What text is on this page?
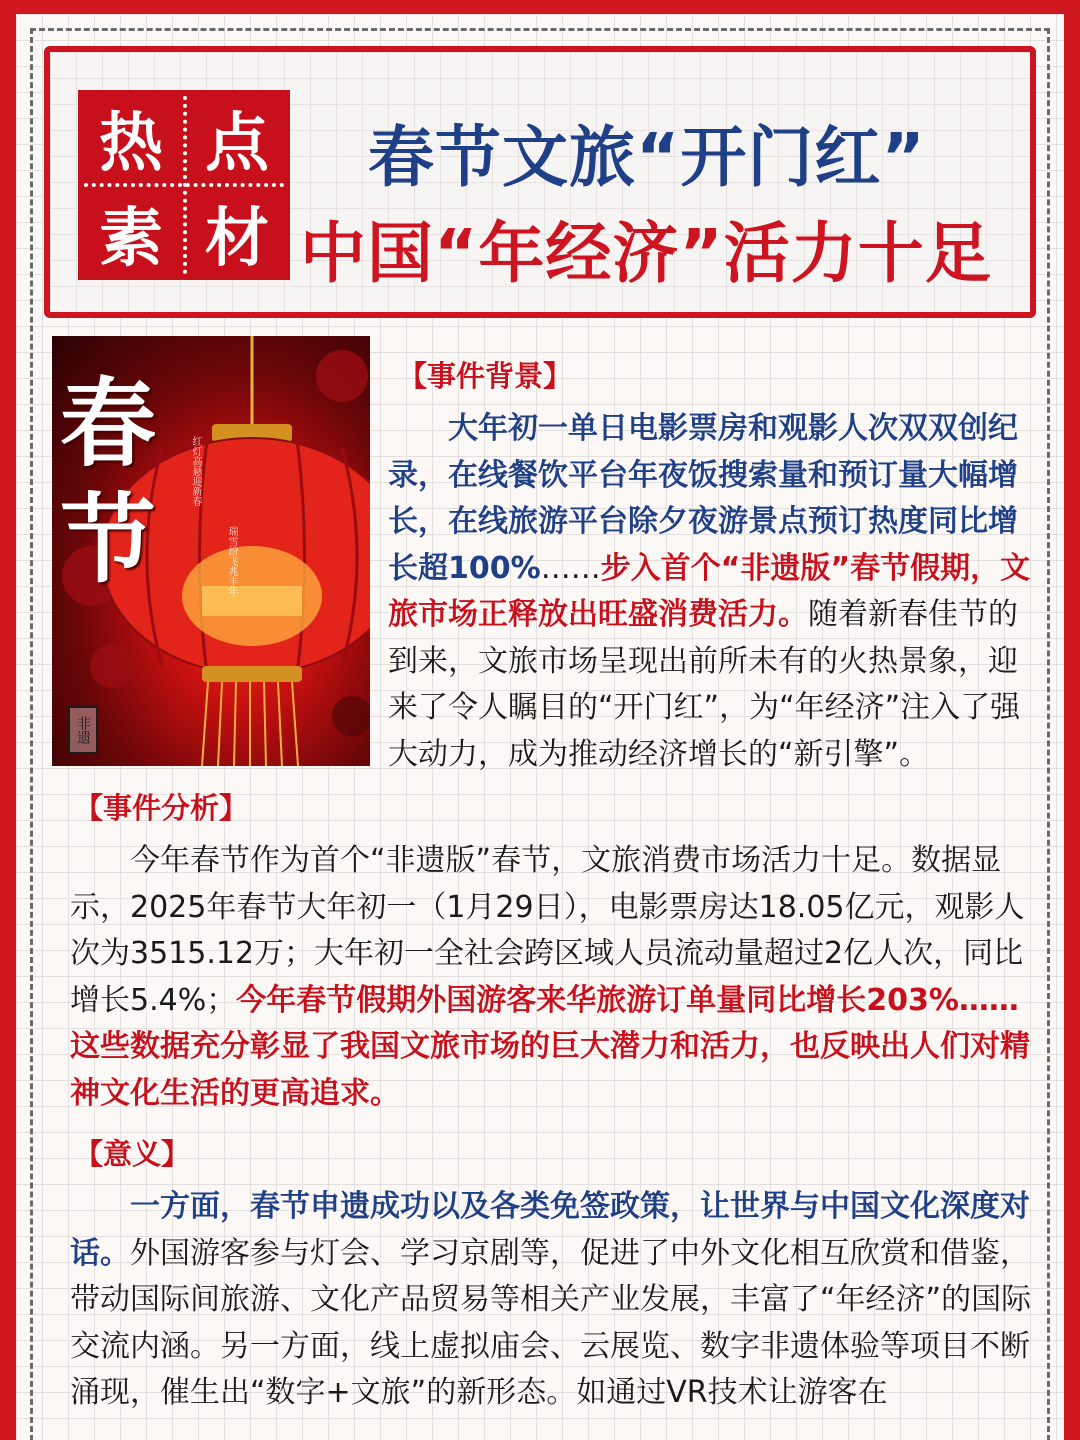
热 点
素 材
春节文旅“开门红”
中国“年经济”活力十足
春
节
红灯高悬迎新春
瑞雪纷飞兆丰年
非遗
【事件背景】
大年初一单日电影票房和观影人次双双创纪录，在线餐饮平台年夜饭搜索量和预订量大幅增长，在线旅游平台除夕夜游景点预订热度同比增长超100%……步入首个“非遗版”春节假期，文旅市场正释放出旺盛消费活力。随着新春佳节的到来，文旅市场呈现出前所未有的火热景象，迎来了令人瞩目的“开门红”，为“年经济”注入了强大动力，成为推动经济增长的“新引擎”。
【事件分析】
今年春节作为首个“非遗版”春节，文旅消费市场活力十足。数据显示，2025年春节大年初一（1月29日），电影票房达18.05亿元，观影人次为3515.12万；大年初一全社会跨区域人员流动量超过2亿人次，同比增长5.4%；今年春节假期外国游客来华旅游订单量同比增长203%……这些数据充分彰显了我国文旅市场的巨大潜力和活力，也反映出人们对精神文化生活的更高追求。
【意义】
一方面，春节申遗成功以及各类免签政策，让世界与中国文化深度对话。外国游客参与灯会、学习京剧等，促进了中外文化相互欣赏和借鉴，带动国际间旅游、文化产品贸易等相关产业发展，丰富了“年经济”的国际交流内涵。另一方面，线上虚拟庙会、云展览、数字非遗体验等项目不断涌现，催生出“数字+文旅”的新形态。如通过VR技术让游客在
